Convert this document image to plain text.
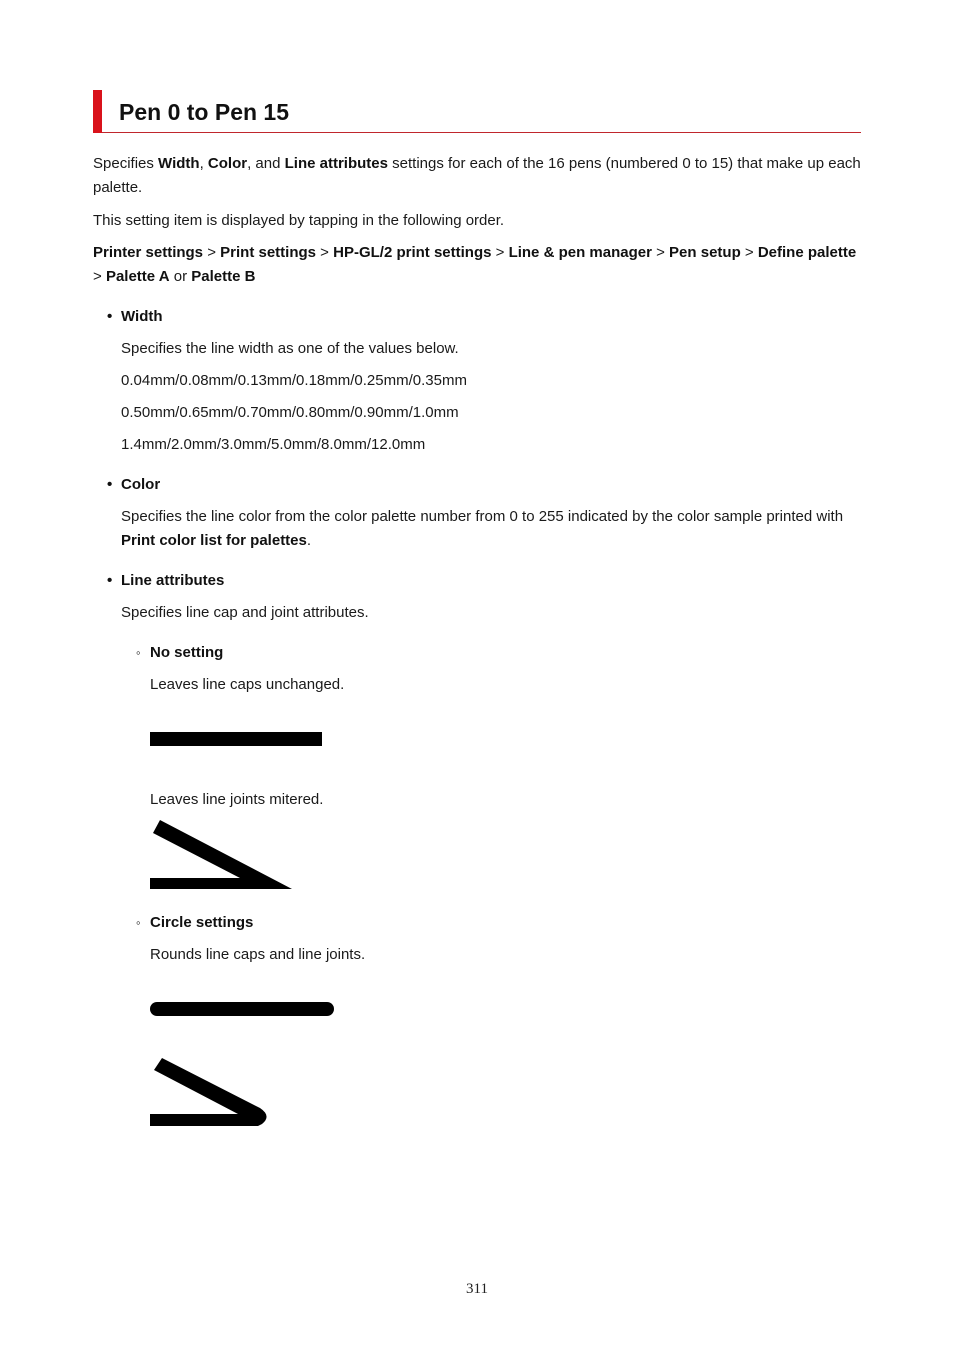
Pen 0 to Pen 15

Specifies Width, Color, and Line attributes settings for each of the 16 pens (numbered 0 to 15) that make up each palette.

This setting item is displayed by tapping in the following order.

Printer settings > Print settings > HP-GL/2 print settings > Line & pen manager > Pen setup > Define palette > Palette A or Palette B

• Width

Specifies the line width as one of the values below.

0.04mm/0.08mm/0.13mm/0.18mm/0.25mm/0.35mm

0.50mm/0.65mm/0.70mm/0.80mm/0.90mm/1.0mm

1.4mm/2.0mm/3.0mm/5.0mm/8.0mm/12.0mm

• Color

Specifies the line color from the color palette number from 0 to 255 indicated by the color sample printed with Print color list for palettes.

• Line attributes

Specifies line cap and joint attributes.

◦ No setting

Leaves line caps unchanged.

Leaves line joints mitered.

◦ Circle settings

Rounds line caps and line joints.

311
